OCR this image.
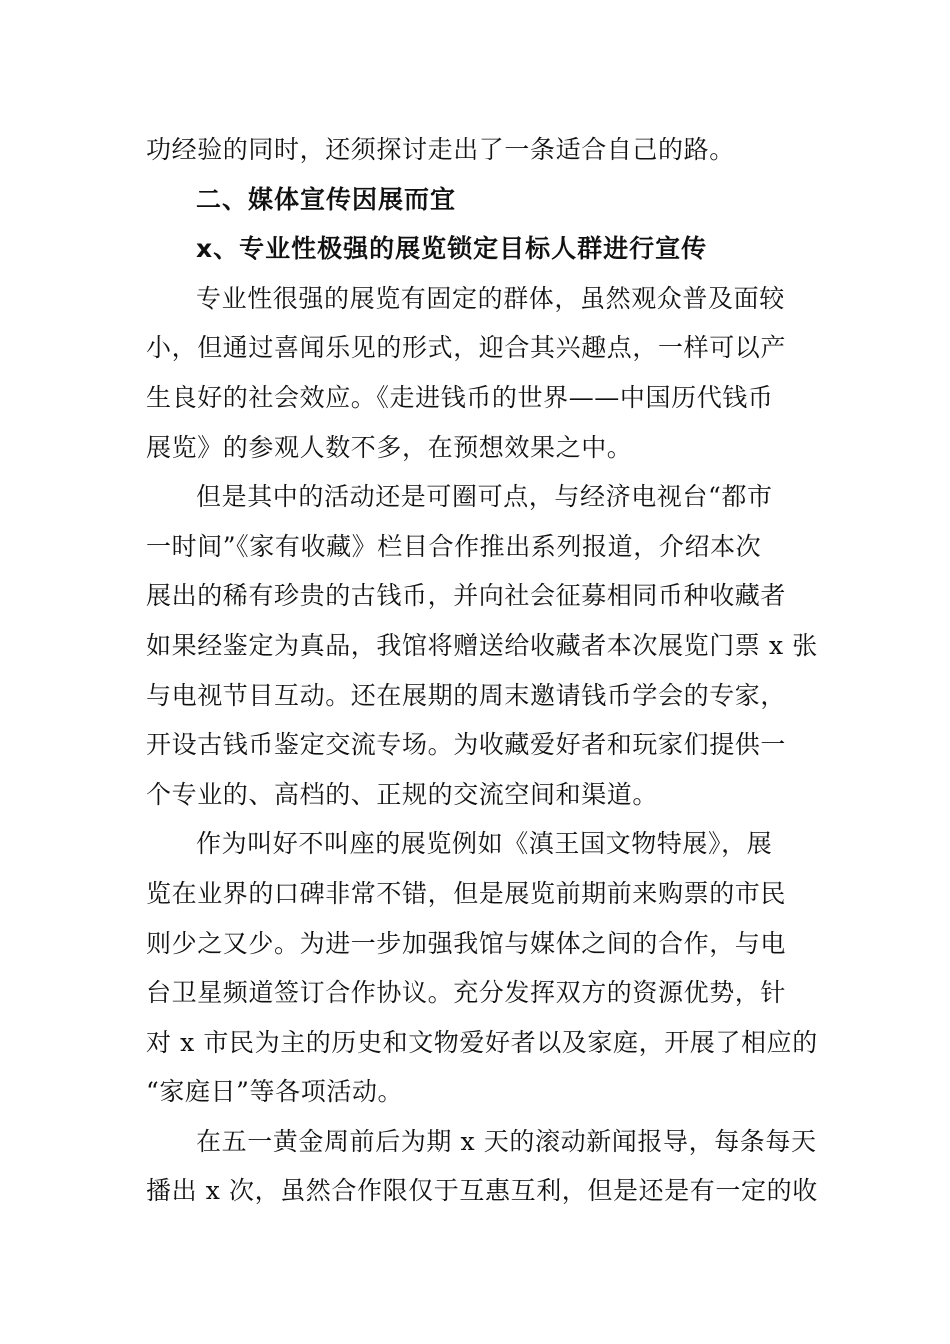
功经验的同时，还须探讨走出了一条适合自己的路。
二、媒体宣传因展而宜
x、专业性极强的展览锁定目标人群进行宣传
专业性很强的展览有固定的群体，虽然观众普及面较
小，但通过喜闻乐见的形式，迎合其兴趣点，一样可以产
生良好的社会效应。《走进钱币的世界——中国历代钱币
展览》的参观人数不多，在预想效果之中。
但是其中的活动还是可圈可点，与经济电视台“都市
一时间”《家有收藏》栏目合作推出系列报道，介绍本次
展出的稀有珍贵的古钱币，并向社会征募相同币种收藏者
如果经鉴定为真品，我馆将赠送给收藏者本次展览门票 x 张
与电视节目互动。还在展期的周末邀请钱币学会的专家，
开设古钱币鉴定交流专场。为收藏爱好者和玩家们提供一
个专业的、高档的、正规的交流空间和渠道。
作为叫好不叫座的展览例如《滇王国文物特展》，展
览在业界的口碑非常不错，但是展览前期前来购票的市民
则少之又少。为进一步加强我馆与媒体之间的合作，与电
台卫星频道签订合作协议。充分发挥双方的资源优势，针
对 x 市民为主的历史和文物爱好者以及家庭，开展了相应的
“家庭日”等各项活动。
在五一黄金周前后为期 x 天的滚动新闻报导，每条每天
播出 x 次，虽然合作限仅于互惠互利，但是还是有一定的收
